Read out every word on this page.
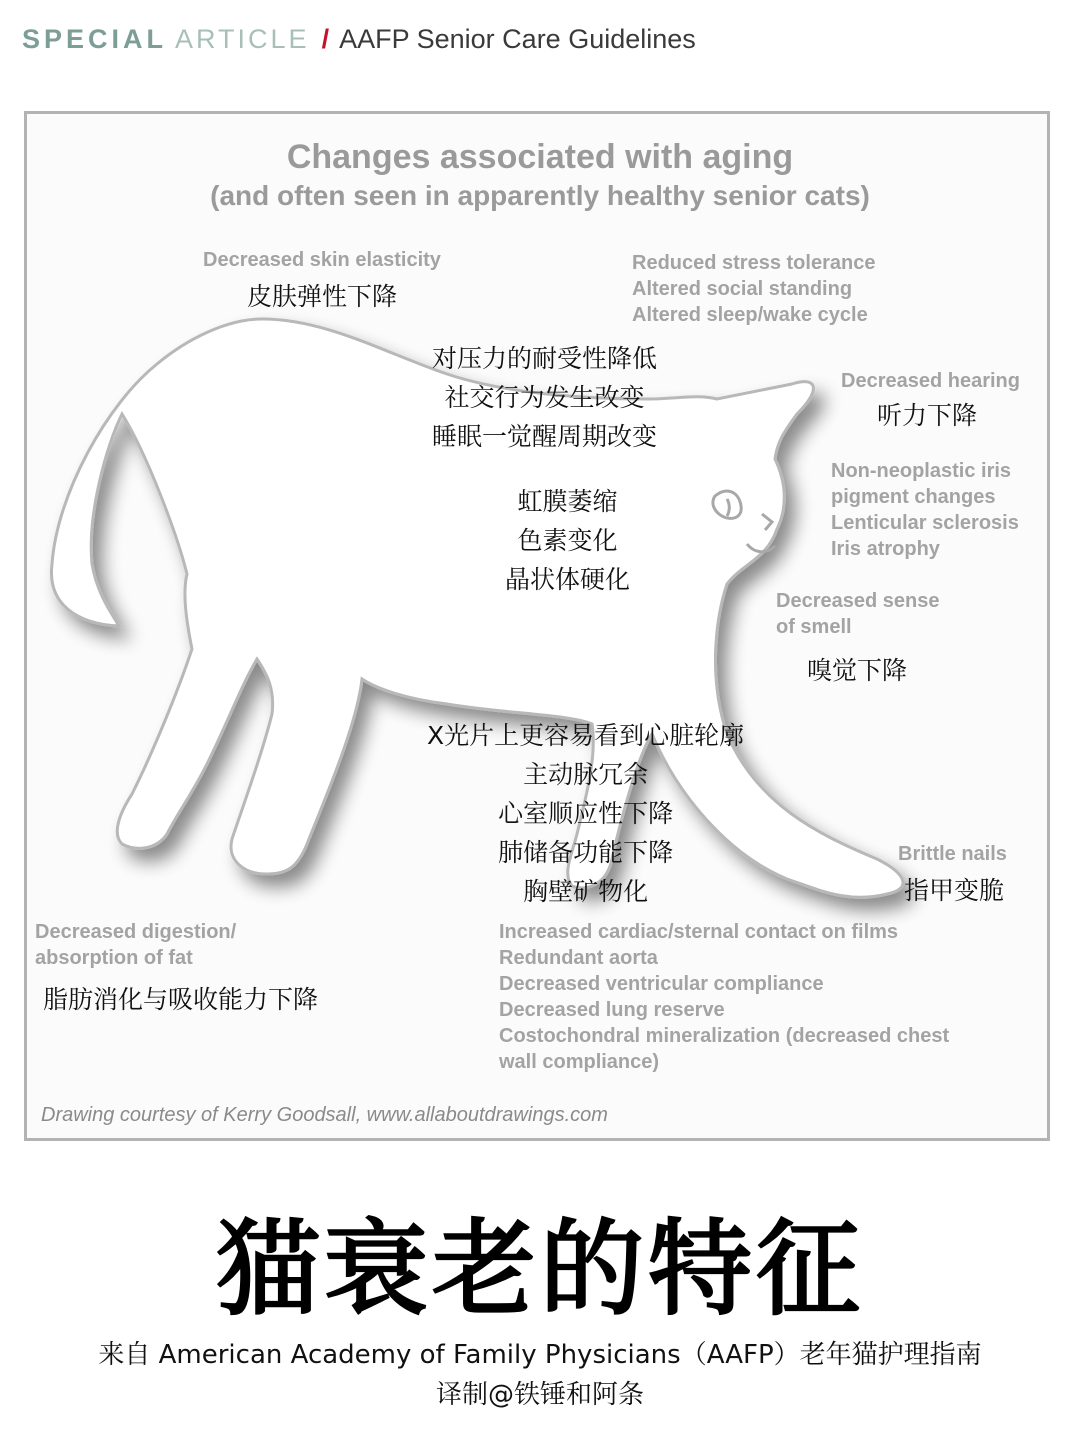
SPECIAL ARTICLE / AAFP Senior Care Guidelines
Changes associated with aging
(and often seen in apparently healthy senior cats)
Decreased skin elasticity
皮肤弹性下降
Reduced stress tolerance
Altered social standing
Altered sleep/wake cycle
对压力的耐受性降低
社交行为发生改变
睡眠一觉醒周期改变
Decreased hearing
听力下降
Non-neoplastic iris
pigment changes
Lenticular sclerosis
Iris atrophy
虹膜萎缩
色素变化
晶状体硬化
Decreased sense
of smell
嗅觉下降
X光片上更容易看到心脏轮廓
主动脉冗余
心室顺应性下降
肺储备功能下降
胸壁矿物化
Brittle nails
指甲变脆
Decreased digestion/
absorption of fat
脂肪消化与吸收能力下降
Increased cardiac/sternal contact on films
Redundant aorta
Decreased ventricular compliance
Decreased lung reserve
Costochondral mineralization (decreased chest
wall compliance)
Drawing courtesy of Kerry Goodsall, www.allaboutdrawings.com
猫衰老的特征
来自 American Academy of Family Physicians（AAFP）老年猫护理指南
译制@铁锤和阿条
